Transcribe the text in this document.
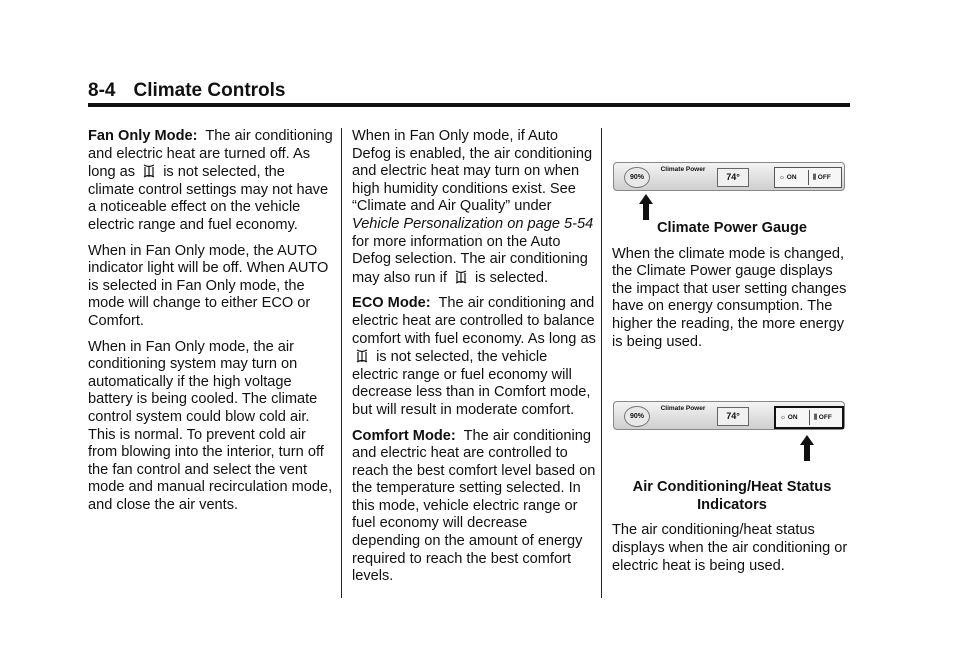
8-4 Climate Controls

Fan Only Mode: The air conditioning and electric heat are turned off. As long as is not selected, the climate control settings may not have a noticeable effect on the vehicle electric range and fuel economy.

When in Fan Only mode, the AUTO indicator light will be off. When AUTO is selected in Fan Only mode, the mode will change to either ECO or Comfort.

When in Fan Only mode, the air conditioning system may turn on automatically if the high voltage battery is being cooled. The climate control system could blow cold air. This is normal. To prevent cold air from blowing into the interior, turn off the fan control and select the vent mode and manual recirculation mode, and close the air vents.

When in Fan Only mode, if Auto Defog is enabled, the air conditioning and electric heat may turn on when high humidity conditions exist. See “Climate and Air Quality” under Vehicle Personalization on page 5-54 for more information on the Auto Defog selection. The air conditioning may also run if is selected.

ECO Mode: The air conditioning and electric heat are controlled to balance comfort with fuel economy. As long as  is not selected, the vehicle electric range or fuel economy will decrease less than in Comfort mode, but will result in moderate comfort.

Comfort Mode: The air conditioning and electric heat are controlled to reach the best comfort level based on the temperature setting selected. In this mode, vehicle electric range or fuel economy will decrease depending on the amount of energy required to reach the best comfort levels.

90%
Climate Power
74°	☼ ON	⫼ OFF

Climate Power Gauge

When the climate mode is changed, the Climate Power gauge displays the impact that user setting changes have on energy consumption. The higher the reading, the more energy is being used.

90%
Climate Power
74°	☼ ON	⫼ OFF

Air Conditioning/Heat Status Indicators

The air conditioning/heat status displays when the air conditioning or electric heat is being used.
